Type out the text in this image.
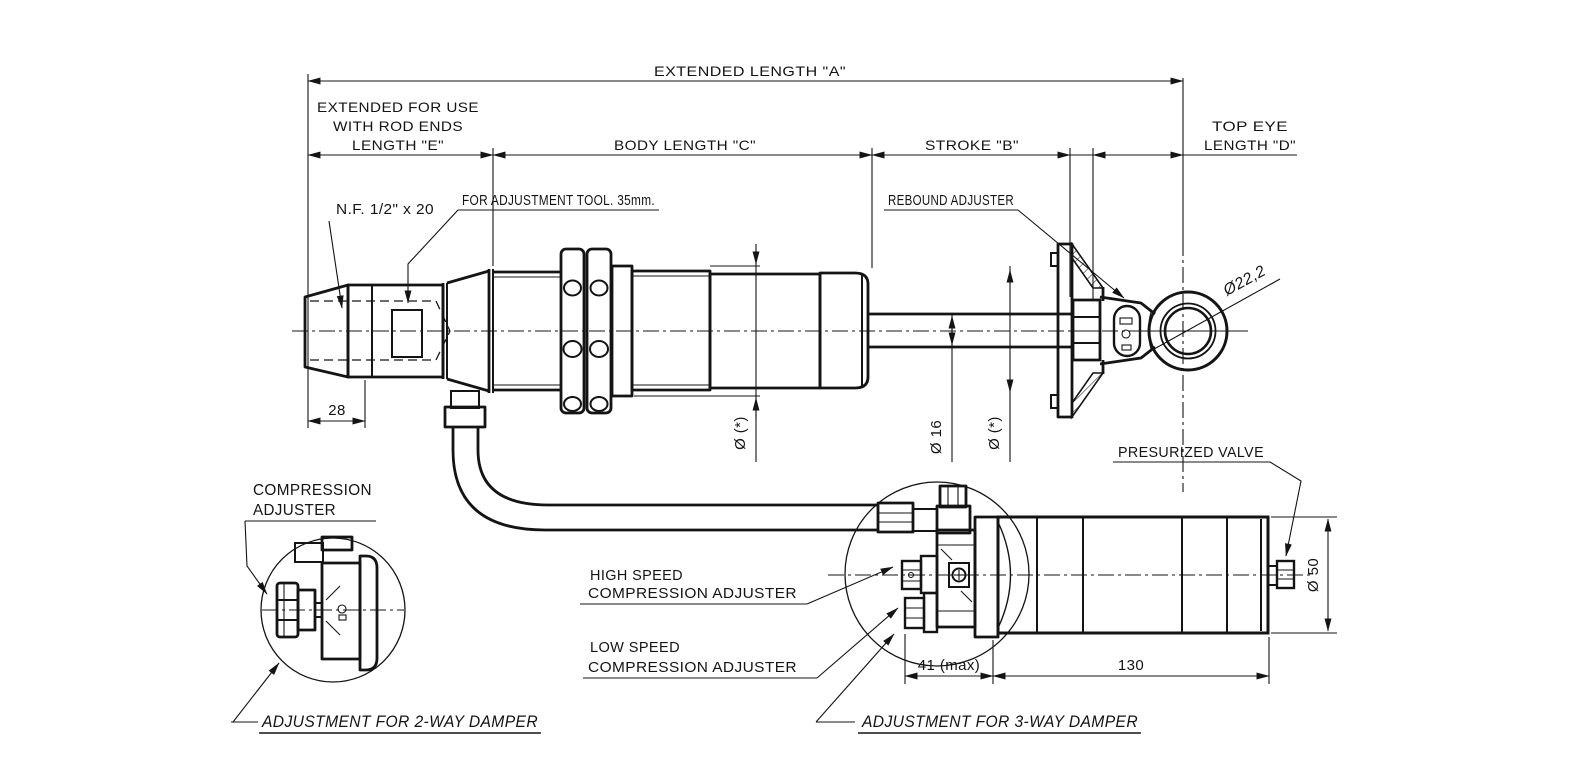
EXTENDED LENGTH "A"
EXTENDED FOR USE
WITH ROD ENDS
LENGTH "E"	BODY LENGTH "C"	STROKE "B"
TOP EYE
LENGTH "D"
28
N.F. 1/2" x 20
FOR ADJUSTMENT TOOL. 35mm.	REBOUND ADJUSTER
Ø22,2
Ø (*)	Ø 16	Ø (*)
COMPRESSION
ADJUSTER
HIGH SPEED
COMPRESSION ADJUSTER
LOW SPEED
COMPRESSION ADJUSTER
PRESURIZED VALVE
ADJUSTMENT FOR 2-WAY DAMPER	ADJUSTMENT FOR 3-WAY DAMPER
41 (max)	130
Ø 50
